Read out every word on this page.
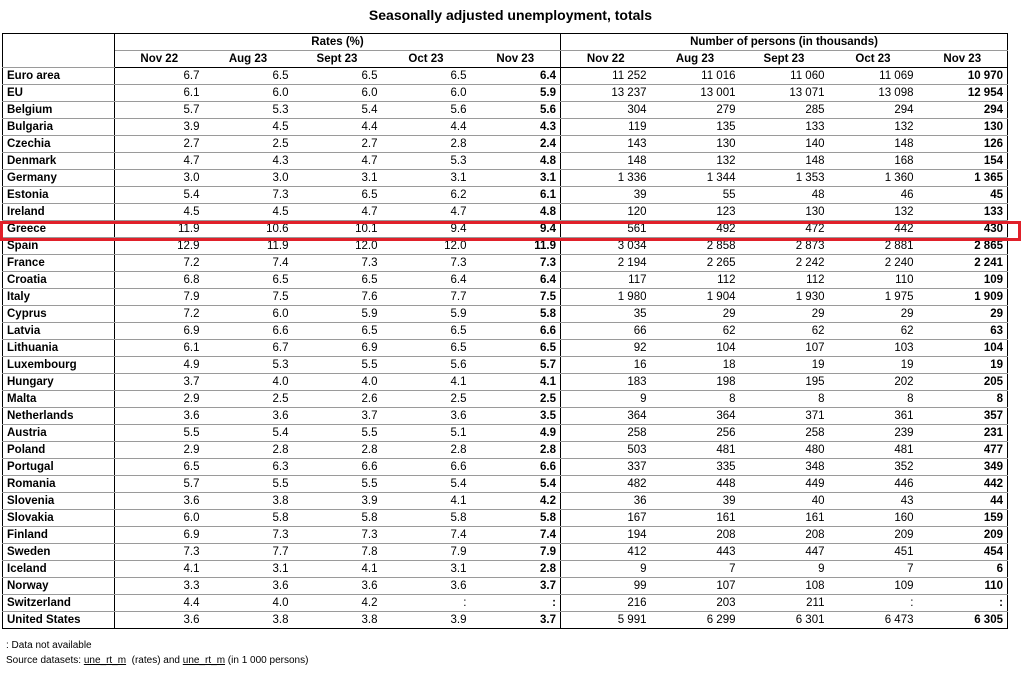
Seasonally adjusted unemployment, totals
	Rates (%)					Number of persons (in thousands)				
	Nov 22	Aug 23	Sept 23	Oct 23	Nov 23	Nov 22	Aug 23	Sept 23	Oct 23	Nov 23
Euro area	6.7	6.5	6.5	6.5	6.4	11 252	11 016	11 060	11 069	10 970
EU	6.1	6.0	6.0	6.0	5.9	13 237	13 001	13 071	13 098	12 954
Belgium	5.7	5.3	5.4	5.6	5.6	304	279	285	294	294
Bulgaria	3.9	4.5	4.4	4.4	4.3	119	135	133	132	130
Czechia	2.7	2.5	2.7	2.8	2.4	143	130	140	148	126
Denmark	4.7	4.3	4.7	5.3	4.8	148	132	148	168	154
Germany	3.0	3.0	3.1	3.1	3.1	1 336	1 344	1 353	1 360	1 365
Estonia	5.4	7.3	6.5	6.2	6.1	39	55	48	46	45
Ireland	4.5	4.5	4.7	4.7	4.8	120	123	130	132	133
Greece	11.9	10.6	10.1	9.4	9.4	561	492	472	442	430
Spain	12.9	11.9	12.0	12.0	11.9	3 034	2 858	2 873	2 881	2 865
France	7.2	7.4	7.3	7.3	7.3	2 194	2 265	2 242	2 240	2 241
Croatia	6.8	6.5	6.5	6.4	6.4	117	112	112	110	109
Italy	7.9	7.5	7.6	7.7	7.5	1 980	1 904	1 930	1 975	1 909
Cyprus	7.2	6.0	5.9	5.9	5.8	35	29	29	29	29
Latvia	6.9	6.6	6.5	6.5	6.6	66	62	62	62	63
Lithuania	6.1	6.7	6.9	6.5	6.5	92	104	107	103	104
Luxembourg	4.9	5.3	5.5	5.6	5.7	16	18	19	19	19
Hungary	3.7	4.0	4.0	4.1	4.1	183	198	195	202	205
Malta	2.9	2.5	2.6	2.5	2.5	9	8	8	8	8
Netherlands	3.6	3.6	3.7	3.6	3.5	364	364	371	361	357
Austria	5.5	5.4	5.5	5.1	4.9	258	256	258	239	231
Poland	2.9	2.8	2.8	2.8	2.8	503	481	480	481	477
Portugal	6.5	6.3	6.6	6.6	6.6	337	335	348	352	349
Romania	5.7	5.5	5.5	5.4	5.4	482	448	449	446	442
Slovenia	3.6	3.8	3.9	4.1	4.2	36	39	40	43	44
Slovakia	6.0	5.8	5.8	5.8	5.8	167	161	161	160	159
Finland	6.9	7.3	7.3	7.4	7.4	194	208	208	209	209
Sweden	7.3	7.7	7.8	7.9	7.9	412	443	447	451	454
Iceland	4.1	3.1	4.1	3.1	2.8	9	7	9	7	6
Norway	3.3	3.6	3.6	3.6	3.7	99	107	108	109	110
Switzerland	4.4	4.0	4.2	:	:	216	203	211	:	:
United States	3.6	3.8	3.8	3.9	3.7	5 991	6 299	6 301	6 473	6 305
: Data not available
Source datasets: une_rt_m  (rates) and une_rt_m (in 1 000 persons)
